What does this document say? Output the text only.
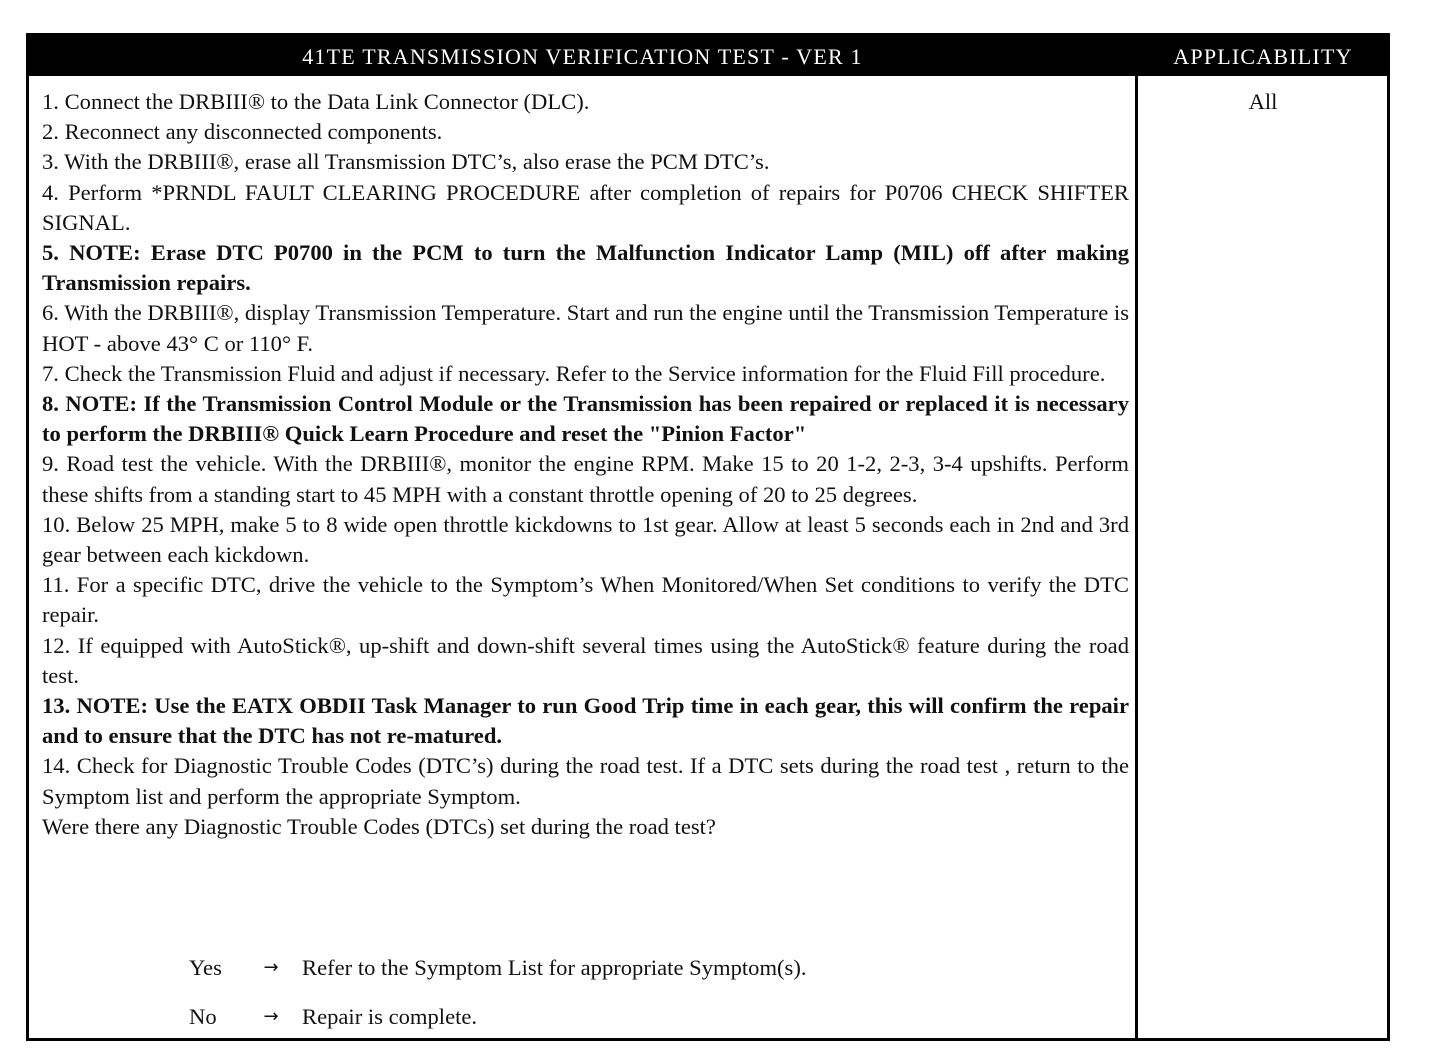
41TE TRANSMISSION VERIFICATION TEST - VER 1	APPLICABILITY
1. Connect the DRBIII® to the Data Link Connector (DLC).
2. Reconnect any disconnected components.
3. With the DRBIII®, erase all Transmission DTC’s, also erase the PCM DTC’s.
4. Perform *PRNDL FAULT CLEARING PROCEDURE after completion of repairs for P0706 CHECK SHIFTER SIGNAL.
5. NOTE: Erase DTC P0700 in the PCM to turn the Malfunction Indicator Lamp (MIL) off after making Transmission repairs.
6. With the DRBIII®, display Transmission Temperature. Start and run the engine until the Transmission Temperature is HOT - above 43° C or 110° F.
7. Check the Transmission Fluid and adjust if necessary. Refer to the Service information for the Fluid Fill procedure.
8. NOTE: If the Transmission Control Module or the Transmission has been repaired or replaced it is necessary to perform the DRBIII® Quick Learn Procedure and reset the "Pinion Factor"
9. Road test the vehicle. With the DRBIII®, monitor the engine RPM. Make 15 to 20 1-2, 2-3, 3-4 upshifts. Perform these shifts from a standing start to 45 MPH with a constant throttle opening of 20 to 25 degrees.
10. Below 25 MPH, make 5 to 8 wide open throttle kickdowns to 1st gear. Allow at least 5 seconds each in 2nd and 3rd gear between each kickdown.
11. For a specific DTC, drive the vehicle to the Symptom’s When Monitored/When Set conditions to verify the DTC repair.
12. If equipped with AutoStick®, up-shift and down-shift several times using the AutoStick® feature during the road test.
13. NOTE: Use the EATX OBDII Task Manager to run Good Trip time in each gear, this will confirm the repair and to ensure that the DTC has not re-matured.
14. Check for Diagnostic Trouble Codes (DTC’s) during the road test. If a DTC sets during the road test , return to the Symptom list and perform the appropriate Symptom.
Were there any Diagnostic Trouble Codes (DTCs) set during the road test?
All
Yes	→	Refer to the Symptom List for appropriate Symptom(s).
No	→	Repair is complete.
